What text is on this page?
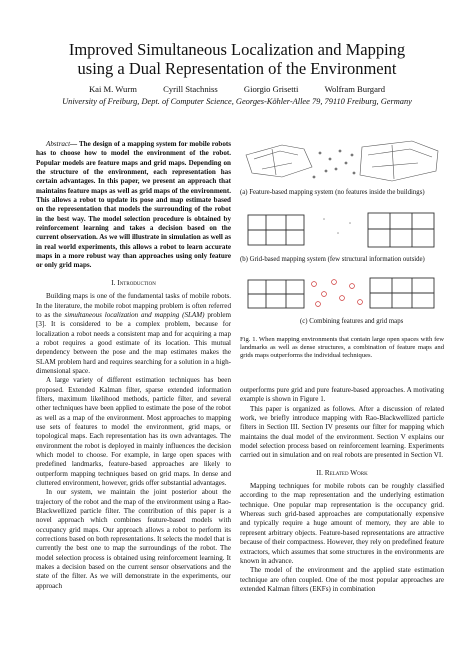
Improved Simultaneous Localization and Mapping
using a Dual Representation of the Environment
Kai M. Wurm	Cyrill Stachniss	Giorgio Grisetti	Wolfram Burgard
University of Freiburg, Dept. of Computer Science, Georges-Köhler-Allee 79, 79110 Freiburg, Germany

Abstract— The design of a mapping system for mobile robots has to choose how to model the environment of the robot. Popular models are feature maps and grid maps. Depending on the structure of the environment, each representation has certain advantages. In this paper, we present an approach that maintains feature maps as well as grid maps of the environment. This allows a robot to update its pose and map estimate based on the representation that models the surrounding of the robot in the best way. The model selection procedure is obtained by reinforcement learning and takes a decision based on the current observation. As we will illustrate in simulation as well as in real world experiments, this allows a robot to learn accurate maps in a more robust way than approaches using only feature or only grid maps.

I. Introduction

Building maps is one of the fundamental tasks of mobile robots. In the literature, the mobile robot mapping problem is often referred to as the simultaneous localization and mapping (SLAM) problem [3]. It is considered to be a complex problem, because for localization a robot needs a consistent map and for acquiring a map a robot requires a good estimate of its location. This mutual dependency between the pose and the map estimates makes the SLAM problem hard and requires searching for a solution in a high-dimensional space.

A large variety of different estimation techniques has been proposed. Extended Kalman filter, sparse extended information filters, maximum likelihood methods, particle filter, and several other techniques have been applied to estimate the pose of the robot as well as a map of the environment. Most approaches to mapping use sets of features to model the environment, grid maps, or topological maps. Each representation has its own advantages. The environment the robot is deployed in mainly influences the decision which model to choose. For example, in large open spaces with predefined landmarks, feature-based approaches are likely to outperform mapping techniques based on grid maps. In dense and cluttered environment, however, grids offer substantial advantages.

In our system, we maintain the joint posterior about the trajectory of the robot and the map of the environment using a Rao-Blackwellized particle filter. The contribution of this paper is a novel approach which combines feature-based models with occupancy grid maps. Our approach allows a robot to perform its corrections based on both representations. It selects the model that is currently the best one to map the surroundings of the robot. The model selection process is obtained using reinforcement learning. It makes a decision based on the current sensor observations and the state of the filter. As we will demonstrate in the experiments, our approach

(a) Feature-based mapping system (no features inside the buildings)
(b) Grid-based mapping system (few structural information outside)
(c) Combining features and grid maps
Fig. 1. When mapping environments that contain large open spaces with few landmarks as well as dense structures, a combination of feature maps and grids maps outperforms the individual techniques.

outperforms pure grid and pure feature-based approaches. A motivating example is shown in Figure 1.

This paper is organized as follows. After a discussion of related work, we briefly introduce mapping with Rao-Blackwellized particle filters in Section III. Section IV presents our filter for mapping which maintains the dual model of the environment. Section V explains our model selection process based on reinforcement learning. Experiments carried out in simulation and on real robots are presented in Section VI.

II. Related Work

Mapping techniques for mobile robots can be roughly classified according to the map representation and the underlying estimation technique. One popular map representation is the occupancy grid. Whereas such grid-based approaches are computationally expensive and typically require a huge amount of memory, they are able to represent arbitrary objects. Feature-based representations are attractive because of their compactness. However, they rely on predefined feature extractors, which assumes that some structures in the environments are known in advance.

The model of the environment and the applied state estimation technique are often coupled. One of the most popular approaches are extended Kalman filters (EKFs) in combination
